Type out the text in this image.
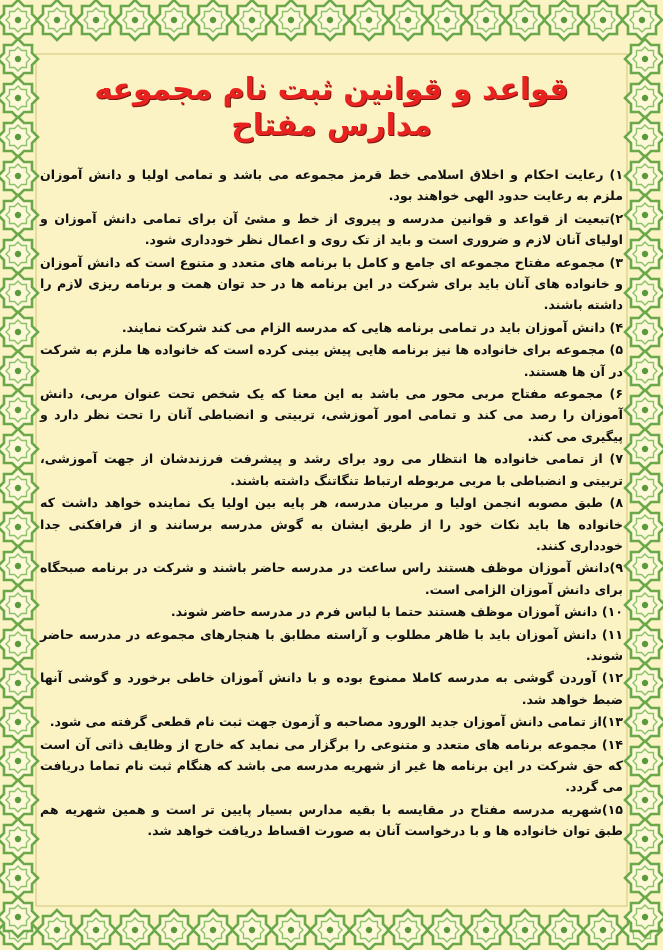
قواعد و قوانین ثبت نام مجموعه مدارس مفتاح
۱) رعایت احکام و اخلاق اسلامی خط قرمز مجموعه می باشد و تمامی اولیا و دانش آموزان ملزم به رعایت حدود الهی خواهند بود.
۲)تبعیت از قواعد و قوانین مدرسه و پیروی از خط و مشئ آن برای تمامی دانش آموزان و اولیای آنان لازم و ضروری است و باید از تک روی و اعمال نظر خودداری شود.
۳) مجموعه مفتاح مجموعه ای جامع و کامل با برنامه های متعدد و متنوع است که دانش آموزان و خانواده های آنان باید برای شرکت در این برنامه ها در حد توان همت و برنامه ریزی لازم را داشته باشند.
۴) دانش آموزان باید در تمامی برنامه هایی که مدرسه الزام می کند شرکت نمایند.
۵) مجموعه برای خانواده ها نیز برنامه هایی پیش بینی کرده است که خانواده ها ملزم به شرکت در آن ها هستند.
۶) مجموعه مفتاح مربی محور می باشد به این معنا که یک شخص تحت عنوان مربی، دانش آموزان را رصد می کند و تمامی امور آموزشی، تربیتی و انضباطی آنان را تحت نظر دارد و پیگیری می کند.
۷) از تمامی خانواده ها انتظار می رود برای رشد و پیشرفت فرزندشان از جهت آموزشی، تربیتی و انضباطی با مربی مربوطه ارتباط تنگاتنگ داشته باشند.
۸) طبق مصوبه انجمن اولیا و مربیان مدرسه، هر پایه بین اولیا یک نماینده خواهد داشت که خانواده ها باید نکات خود را از طریق ایشان به گوش مدرسه برسانند و از فرافکنی جدا خودداری کنند.
۹)دانش آموزان موظف هستند راس ساعت در مدرسه حاضر باشند و شرکت در برنامه صبحگاه برای دانش آموزان الزامی است.
۱۰) دانش آموزان موظف هستند حتما با لباس فرم در مدرسه حاضر شوند.
۱۱) دانش آموزان باید با ظاهر مطلوب و آراسته مطابق با هنجارهای مجموعه در مدرسه حاضر شوند.
۱۲) آوردن گوشی به مدرسه کاملا ممنوع بوده و با دانش آموزان خاطی برخورد و گوشی آنها ضبط خواهد شد.
۱۳)از تمامی دانش آموزان جدید الورود مصاحبه و آزمون جهت ثبت نام قطعی گرفته می شود.
۱۴) مجموعه برنامه های متعدد و متنوعی را برگزار می نماید که خارج از وظایف ذاتی آن است که حق شرکت در این برنامه ها غیر از شهریه مدرسه می باشد که هنگام ثبت نام تماما دریافت می گردد.
۱۵)شهریه مدرسه مفتاح در مقایسه با بقیه مدارس بسیار پایین تر است و همین شهریه هم طبق توان خانواده ها و با درخواست آنان به صورت اقساط دریافت خواهد شد.
